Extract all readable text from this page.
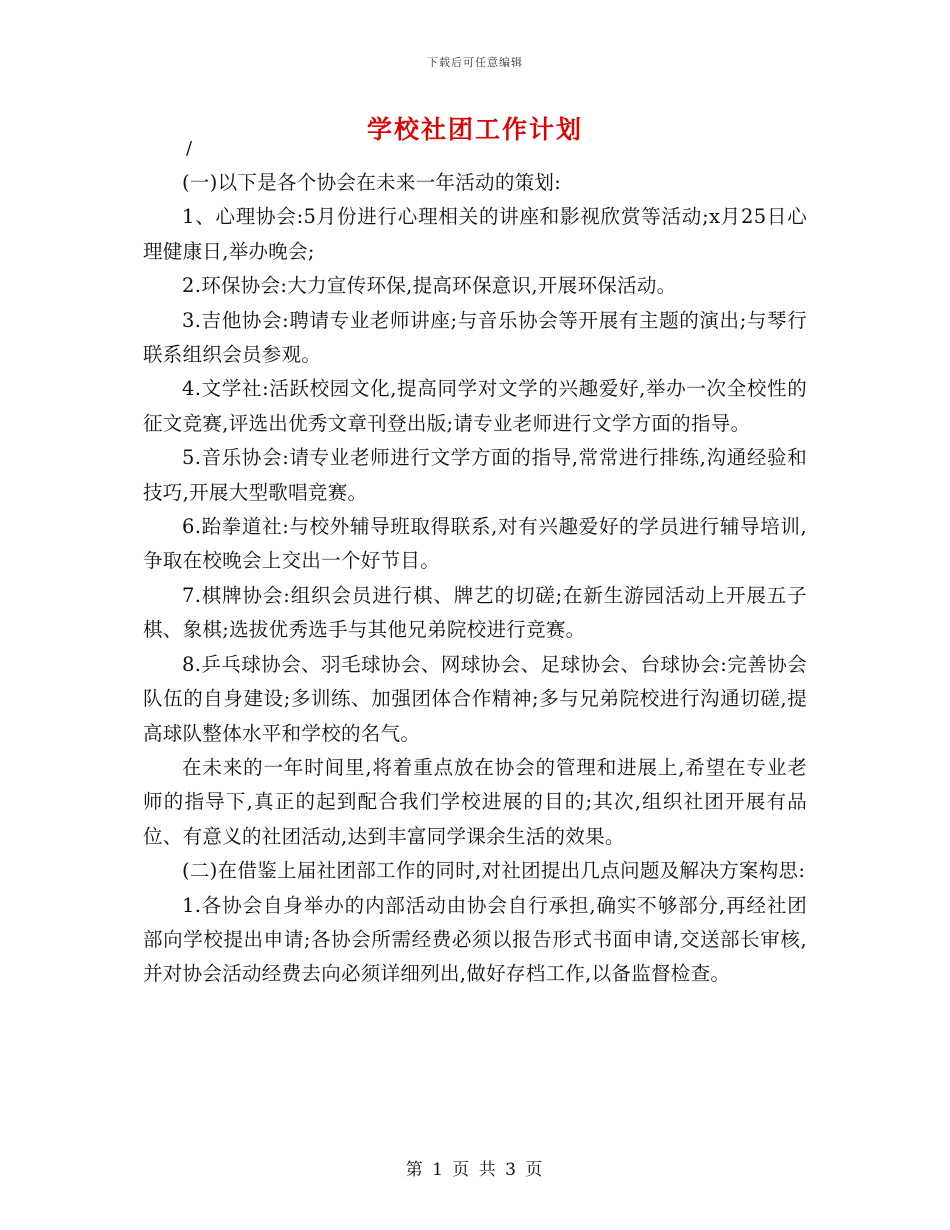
下载后可任意编辑
学校社团工作计划
/

(一)以下是各个协会在未来一年活动的策划:

1、心理协会:5月份进行心理相关的讲座和影视欣赏等活动;x月25日心理健康日,举办晚会;

2.环保协会:大力宣传环保,提高环保意识,开展环保活动。

3.吉他协会:聘请专业老师讲座;与音乐协会等开展有主题的演出;与琴行联系组织会员参观。

4.文学社:活跃校园文化,提高同学对文学的兴趣爱好,举办一次全校性的征文竞赛,评选出优秀文章刊登出版;请专业老师进行文学方面的指导。

5.音乐协会:请专业老师进行文学方面的指导,常常进行排练,沟通经验和技巧,开展大型歌唱竞赛。

6.跆拳道社:与校外辅导班取得联系,对有兴趣爱好的学员进行辅导培训,争取在校晚会上交出一个好节目。

7.棋牌协会:组织会员进行棋、牌艺的切磋;在新生游园活动上开展五子棋、象棋;选拔优秀选手与其他兄弟院校进行竞赛。

8.乒乓球协会、羽毛球协会、网球协会、足球协会、台球协会:完善协会队伍的自身建设;多训练、加强团体合作精神;多与兄弟院校进行沟通切磋,提高球队整体水平和学校的名气。

在未来的一年时间里,将着重点放在协会的管理和进展上,希望在专业老师的指导下,真正的起到配合我们学校进展的目的;其次,组织社团开展有品位、有意义的社团活动,达到丰富同学课余生活的效果。

(二)在借鉴上届社团部工作的同时,对社团提出几点问题及解决方案构思:

1.各协会自身举办的内部活动由协会自行承担,确实不够部分,再经社团部向学校提出申请;各协会所需经费必须以报告形式书面申请,交送部长审核,并对协会活动经费去向必须详细列出,做好存档工作,以备监督检查。

第 1 页 共 3 页
